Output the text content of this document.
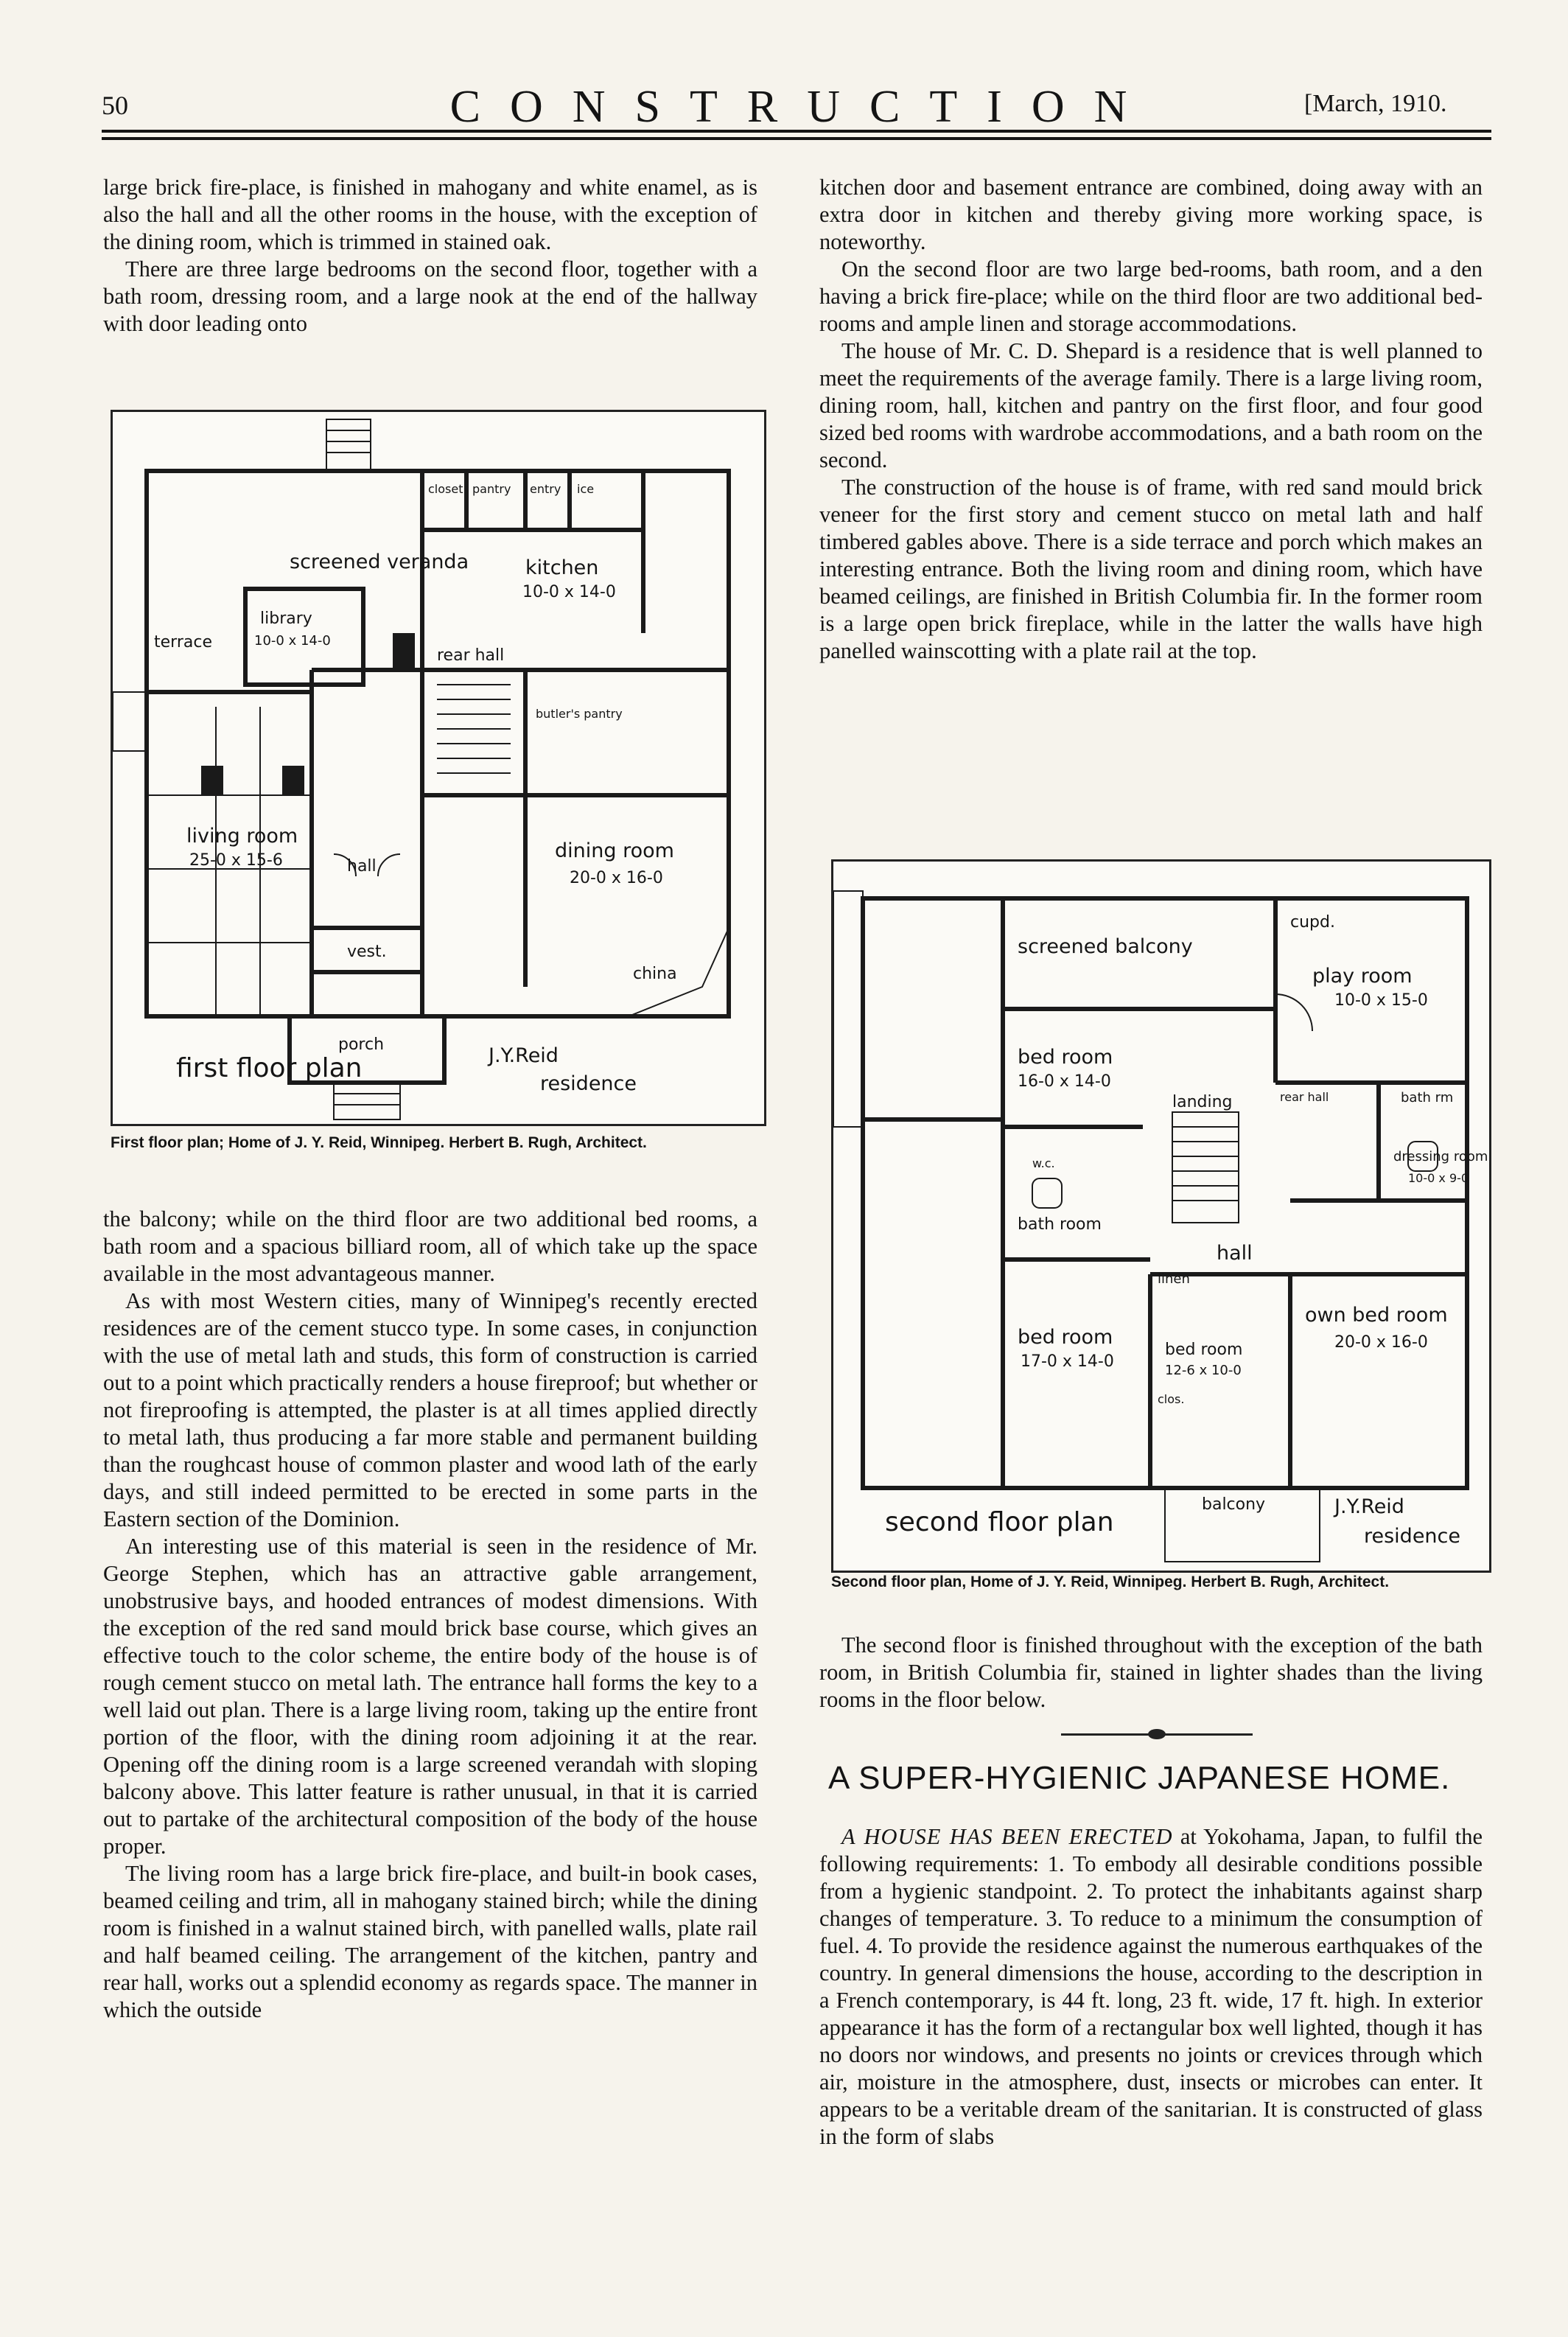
50	CONSTRUCTION	[March, 1910.

large brick fire-place, is finished in mahogany and white enamel, as is also the hall and all the other rooms in the house, with the exception of the dining room, which is trimmed in stained oak.

There are three large bedrooms on the second floor, together with a bath room, dressing room, and a large nook at the end of the hallway with door leading onto

screened veranda
closet pantry entry ice
kitchen
10-0 x 14-0
library
10-0 x 14-0
terrace
rear hall
butler's pantry
living room
25-0 x 15-6	hall
dining room
20-0 x 16-0
vest.
china
porch
first floor plan	J.Y.Reid
residence
First floor plan; Home of J. Y. Reid, Winnipeg. Herbert B. Rugh, Architect.

the balcony; while on the third floor are two additional bed rooms, a bath room and a spacious billiard room, all of which take up the space available in the most advantageous manner.

As with most Western cities, many of Winnipeg's recently erected residences are of the cement stucco type. In some cases, in conjunction with the use of metal lath and studs, this form of construction is carried out to a point which practically renders a house fireproof; but whether or not fireproofing is attempted, the plaster is at all times applied directly to metal lath, thus producing a far more stable and permanent building than the roughcast house of common plaster and wood lath of the early days, and still indeed permitted to be erected in some parts in the Eastern section of the Dominion.

An interesting use of this material is seen in the residence of Mr. George Stephen, which has an attractive gable arrangement, unobstrusive bays, and hooded entrances of modest dimensions. With the exception of the red sand mould brick base course, which gives an effective touch to the color scheme, the entire body of the house is of rough cement stucco on metal lath. The entrance hall forms the key to a well laid out plan. There is a large living room, taking up the entire front portion of the floor, with the dining room adjoining it at the rear. Opening off the dining room is a large screened verandah with sloping balcony above. This latter feature is rather unusual, in that it is carried out to partake of the architectural composition of the body of the house proper.

The living room has a large brick fire-place, and built-in book cases, beamed ceiling and trim, all in mahogany stained birch; while the dining room is finished in a walnut stained birch, with panelled walls, plate rail and half beamed ceiling. The arrangement of the kitchen, pantry and rear hall, works out a splendid economy as regards space. The manner in which the outside

kitchen door and basement entrance are combined, doing away with an extra door in kitchen and thereby giving more working space, is noteworthy.

On the second floor are two large bed-rooms, bath room, and a den having a brick fire-place; while on the third floor are two additional bed-rooms and ample linen and storage accommodations.

The house of Mr. C. D. Shepard is a residence that is well planned to meet the requirements of the average family. There is a large living room, dining room, hall, kitchen and pantry on the first floor, and four good sized bed rooms with wardrobe accommodations, and a bath room on the second.

The construction of the house is of frame, with red sand mould brick veneer for the first story and cement stucco on metal lath and half timbered gables above. There is a side terrace and porch which makes an interesting entrance. Both the living room and dining room, which have beamed ceilings, are finished in British Columbia fir. In the former room is a large open brick fireplace, while in the latter the walls have high panelled wainscotting with a plate rail at the top.

screened balcony
cupd.
play room
10-0 x 15-0
bed room
16-0 x 14-0
landing	rear hall	bath rm
dressing room
10-0 x 9-0
w.c.
bath room
hall
linen
own bed room
20-0 x 16-0
bed room
17-0 x 14-0
bed room
12-6 x 10-0
clos.
balcony
second floor plan
J.Y.Reid
residence
Second floor plan, Home of J. Y. Reid, Winnipeg. Herbert B. Rugh, Architect.

The second floor is finished throughout with the exception of the bath room, in British Columbia fir, stained in lighter shades than the living rooms in the floor below.

A SUPER-HYGIENIC JAPANESE HOME.

A HOUSE HAS BEEN ERECTED at Yokohama, Japan, to fulfil the following requirements: 1. To embody all desirable conditions possible from a hygienic standpoint. 2. To protect the inhabitants against sharp changes of temperature. 3. To reduce to a minimum the consumption of fuel. 4. To provide the residence against the numerous earthquakes of the country. In general dimensions the house, according to the description in a French contemporary, is 44 ft. long, 23 ft. wide, 17 ft. high. In exterior appearance it has the form of a rectangular box well lighted, though it has no doors nor windows, and presents no joints or crevices through which air, moisture in the atmosphere, dust, insects or microbes can enter. It appears to be a veritable dream of the sanitarian. It is constructed of glass in the form of slabs
